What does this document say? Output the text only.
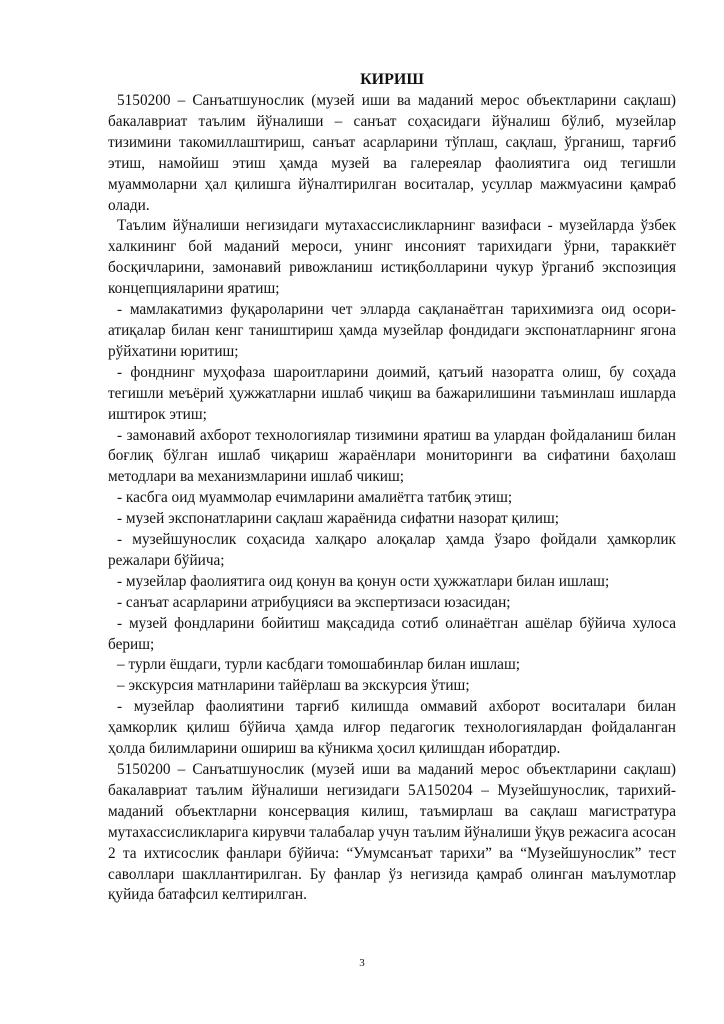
КИРИШ

5150200 – Санъатшунослик (музей иши ва маданий мерос объектларини сақлаш) бакалавриат таълим йўналиши – санъат соҳасидаги йўналиш бўлиб, музейлар тизимини такомиллаштириш, санъат асарларини тўплаш, сақлаш, ўрганиш, тарғиб этиш, намойиш этиш ҳамда музей ва галереялар фаолиятига оид тегишли муаммоларни ҳал қилишга йўналтирилган воситалар, усуллар мажмуасини қамраб олади.

Таълим йўналиши негизидаги мутахассисликларнинг вазифаси - музейларда ўзбек халкининг бой маданий мероси, унинг инсоният тарихидаги ўрни, тараккиёт босқичларини, замонавий ривожланиш истиқболларини чукур ўрганиб экспозиция концепцияларини яратиш;

- мамлакатимиз фуқароларини чет элларда сақланаётган тарихимизга оид осори-атиқалар билан кенг таништириш ҳамда музейлар фондидаги экспонатларнинг ягона рўйхатини юритиш;

- фонднинг муҳофаза шароитларини доимий, қатъий назоратга олиш, бу соҳада тегишли меъёрий ҳужжатларни ишлаб чиқиш ва бажарилишини таъминлаш ишларда иштирок этиш;

- замонавий ахборот технологиялар тизимини яратиш ва улардан фойдаланиш билан боғлиқ бўлган ишлаб чиқариш жараёнлари мониторинги ва сифатини баҳолаш методлари ва механизмларини ишлаб чикиш;

- касбга оид муаммолар ечимларини амалиётга татбиқ этиш;

- музей экспонатларини сақлаш жараёнида сифатни назорат қилиш;

- музейшунослик соҳасида халқаро алоқалар ҳамда ўзаро фойдали ҳамкорлик режалари бўйича;

- музейлар фаолиятига оид қонун ва қонун ости ҳужжатлари билан ишлаш;

- санъат асарларини атрибуцияси ва экспертизаси юзасидан;

- музей фондларини бойитиш мақсадида сотиб олинаётган ашёлар бўйича хулоса бериш;

– турли ёшдаги, турли касбдаги томошабинлар билан ишлаш;

– экскурсия матнларини тайёрлаш ва экскурсия ўтиш;

- музейлар фаолиятини тарғиб килишда оммавий ахборот воситалари билан ҳамкорлик қилиш бўйича ҳамда илғор педагогик технологиялардан фойдаланган ҳолда билимларини ошириш ва кўникма ҳосил қилишдан иборатдир.

5150200 – Санъатшунослик (музей иши ва маданий мерос объектларини сақлаш) бакалавриат таълим йўналиши негизидаги 5А150204 – Музейшунослик, тарихий-маданий объектларни консервация килиш, таъмирлаш ва сақлаш магистратура мутахассисликларига кирувчи талабалар учун таълим йўналиши ўқув режасига асосан 2 та ихтисослик фанлари бўйича: “Умумсанъат тарихи” ва “Музейшунослик” тест саволлари шакллантирилган. Бу фанлар ўз негизида қамраб олинган маълумотлар қуйида батафсил келтирилган.

3
